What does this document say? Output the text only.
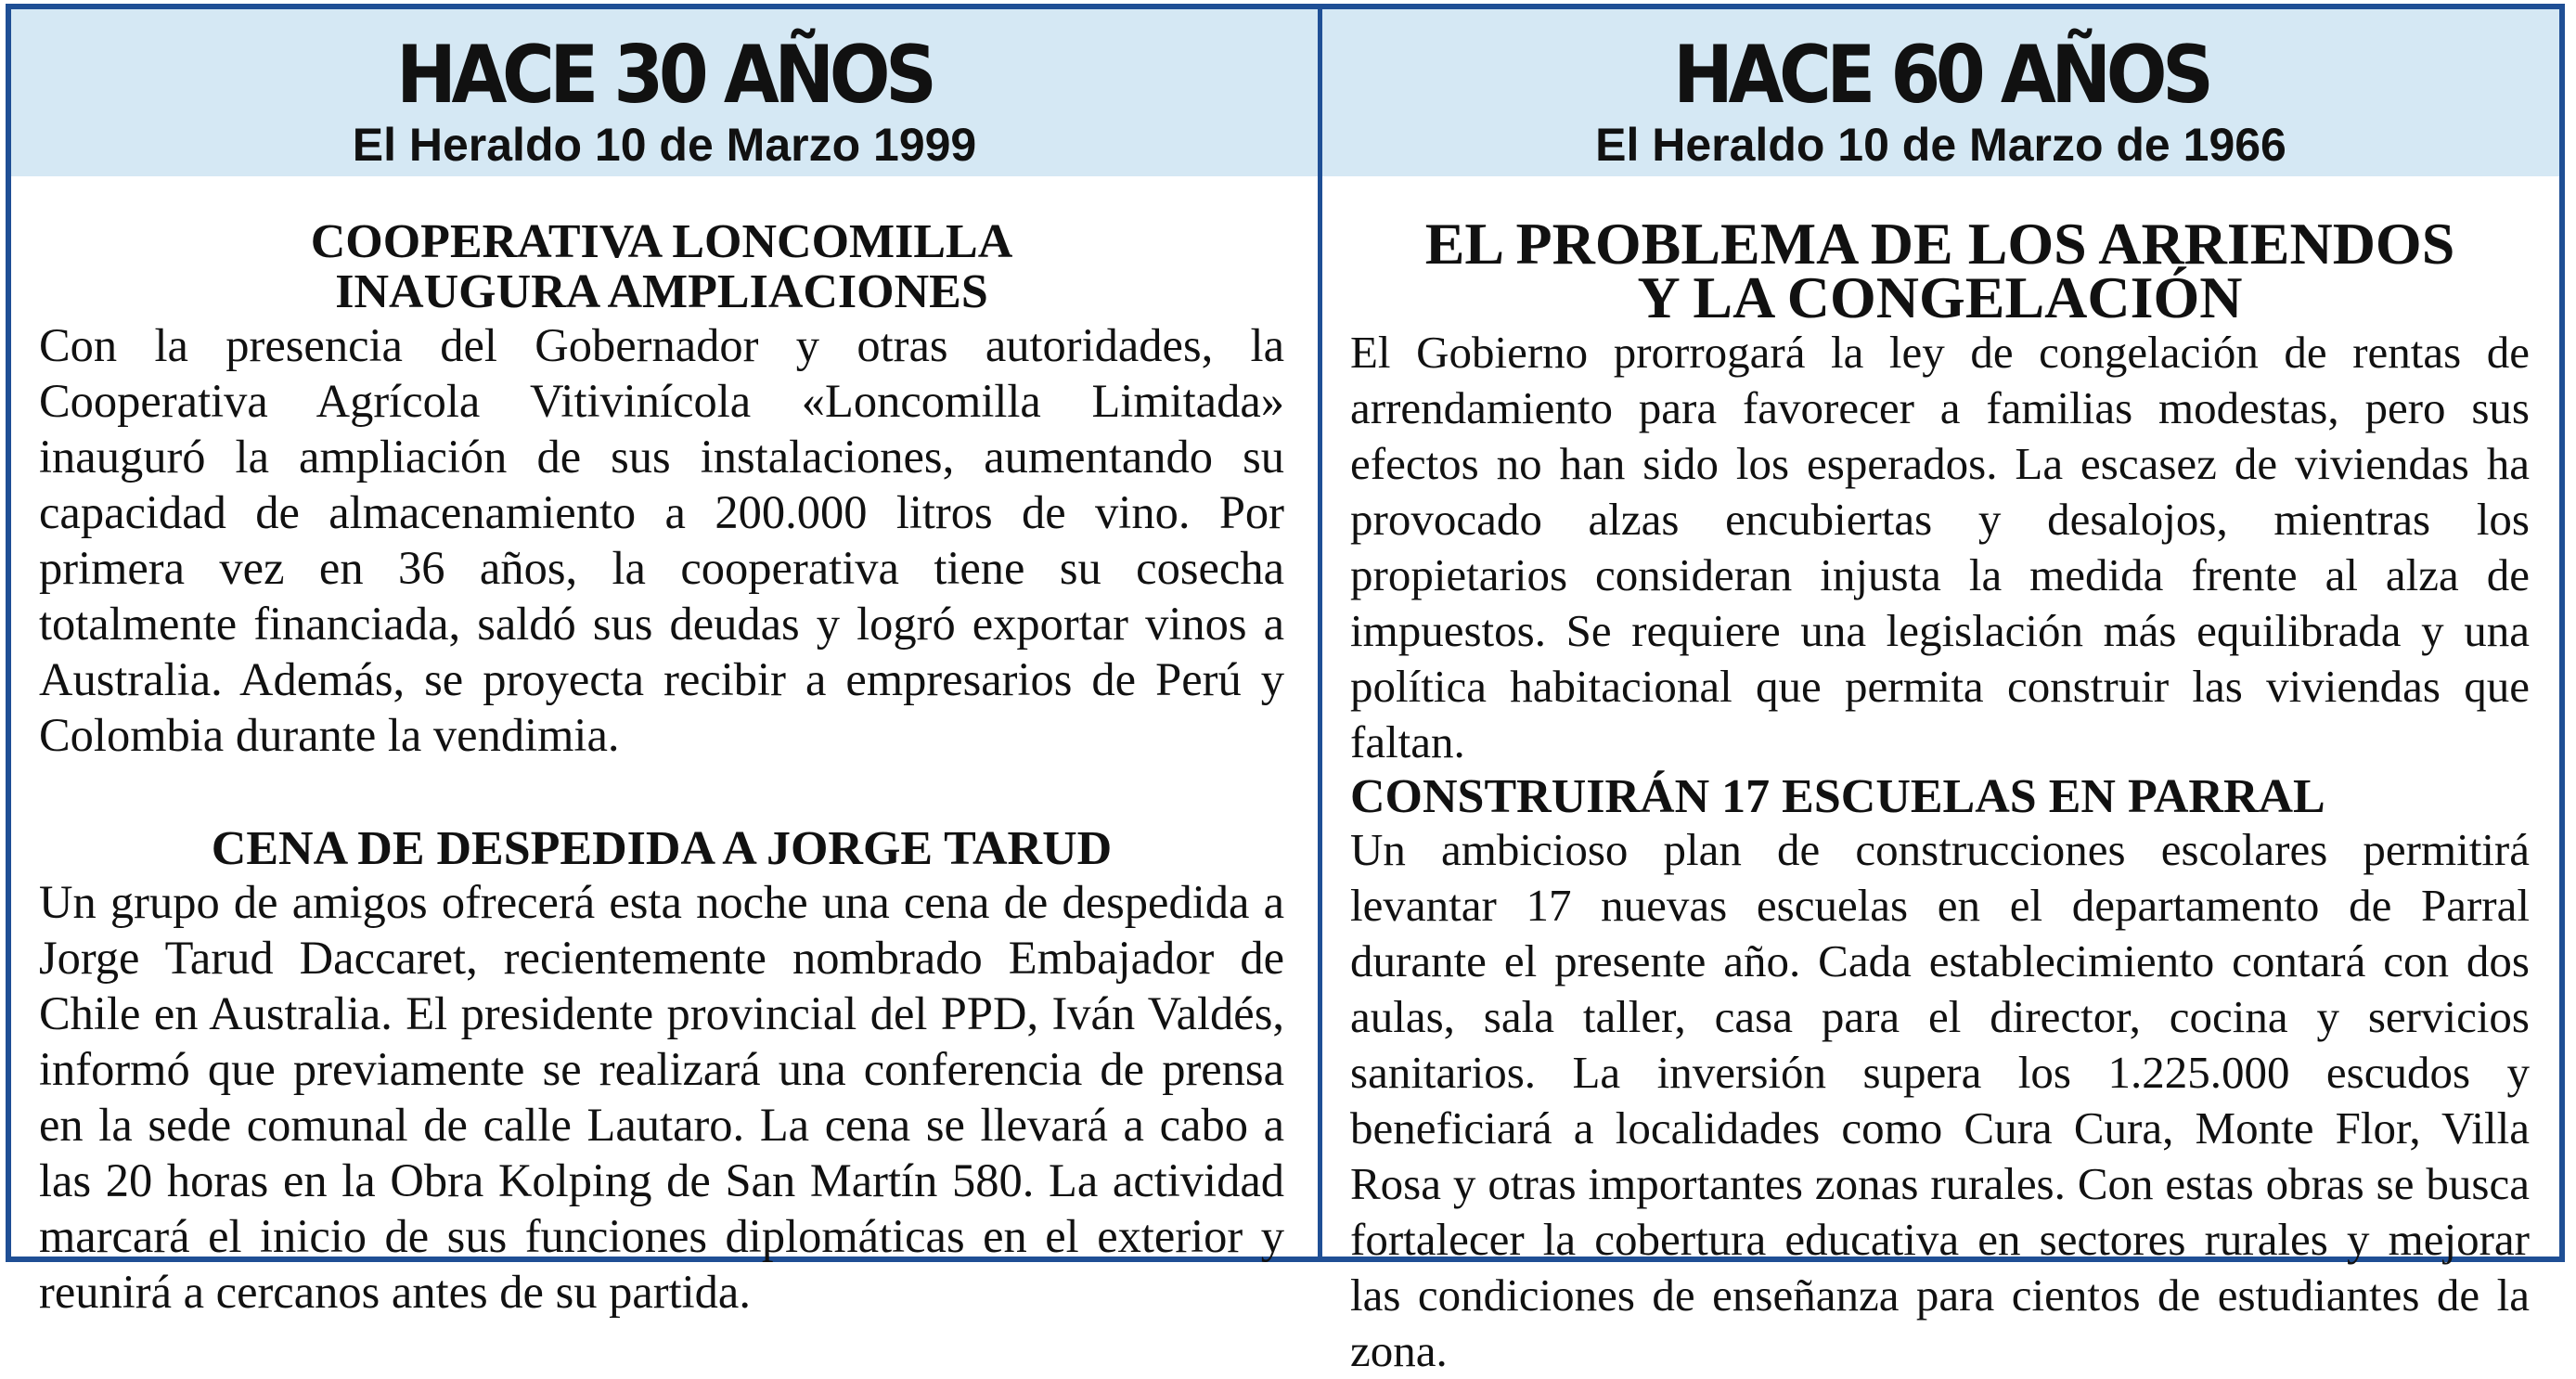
HACE 30 AÑOS
El Heraldo 10 de Marzo 1999
COOPERATIVA LONCOMILLA
INAUGURA AMPLIACIONES

Con la presencia del Gobernador y otras autoridades, la Cooperativa Agrícola Vitivinícola «Loncomilla Limitada» inauguró la ampliación de sus instalaciones, aumentando su capacidad de almacenamiento a 200.000 litros de vino. Por primera vez en 36 años, la cooperativa tiene su cosecha totalmente financiada, saldó sus deudas y logró exportar vinos a Australia. Además, se proyecta recibir a empresarios de Perú y Colombia durante la vendimia.

CENA DE DESPEDIDA A JORGE TARUD

Un grupo de amigos ofrecerá esta noche una cena de despedida a Jorge Tarud Daccaret, recientemente nombrado Embajador de Chile en Australia. El presidente provincial del PPD, Iván Valdés, informó que previamente se realizará una conferencia de prensa en la sede comunal de calle Lautaro. La cena se llevará a cabo a las 20 horas en la Obra Kolping de San Martín 580. La actividad marcará el inicio de sus funciones diplomáticas en el exterior y reunirá a cercanos antes de su partida.

HACE 60 AÑOS
El Heraldo 10 de Marzo de 1966
EL PROBLEMA DE LOS ARRIENDOS
Y LA CONGELACIÓN

El Gobierno prorrogará la ley de congelación de rentas de arrendamiento para favorecer a familias modestas, pero sus efectos no han sido los esperados. La escasez de viviendas ha provocado alzas encubiertas y desalojos, mientras los propietarios consideran injusta la medida frente al alza de impuestos. Se requiere una legislación más equilibrada y una política habitacional que permita construir las viviendas que faltan.

CONSTRUIRÁN 17 ESCUELAS EN PARRAL

Un ambicioso plan de construcciones escolares permitirá levantar 17 nuevas escuelas en el departamento de Parral durante el presente año. Cada establecimiento contará con dos aulas, sala taller, casa para el director, cocina y servicios sanitarios. La inversión supera los 1.225.000 escudos y beneficiará a localidades como Cura Cura, Monte Flor, Villa Rosa y otras importantes zonas rurales. Con estas obras se busca fortalecer la cobertura educativa en sectores rurales y mejorar las condiciones de enseñanza para cientos de estudiantes de la zona.
